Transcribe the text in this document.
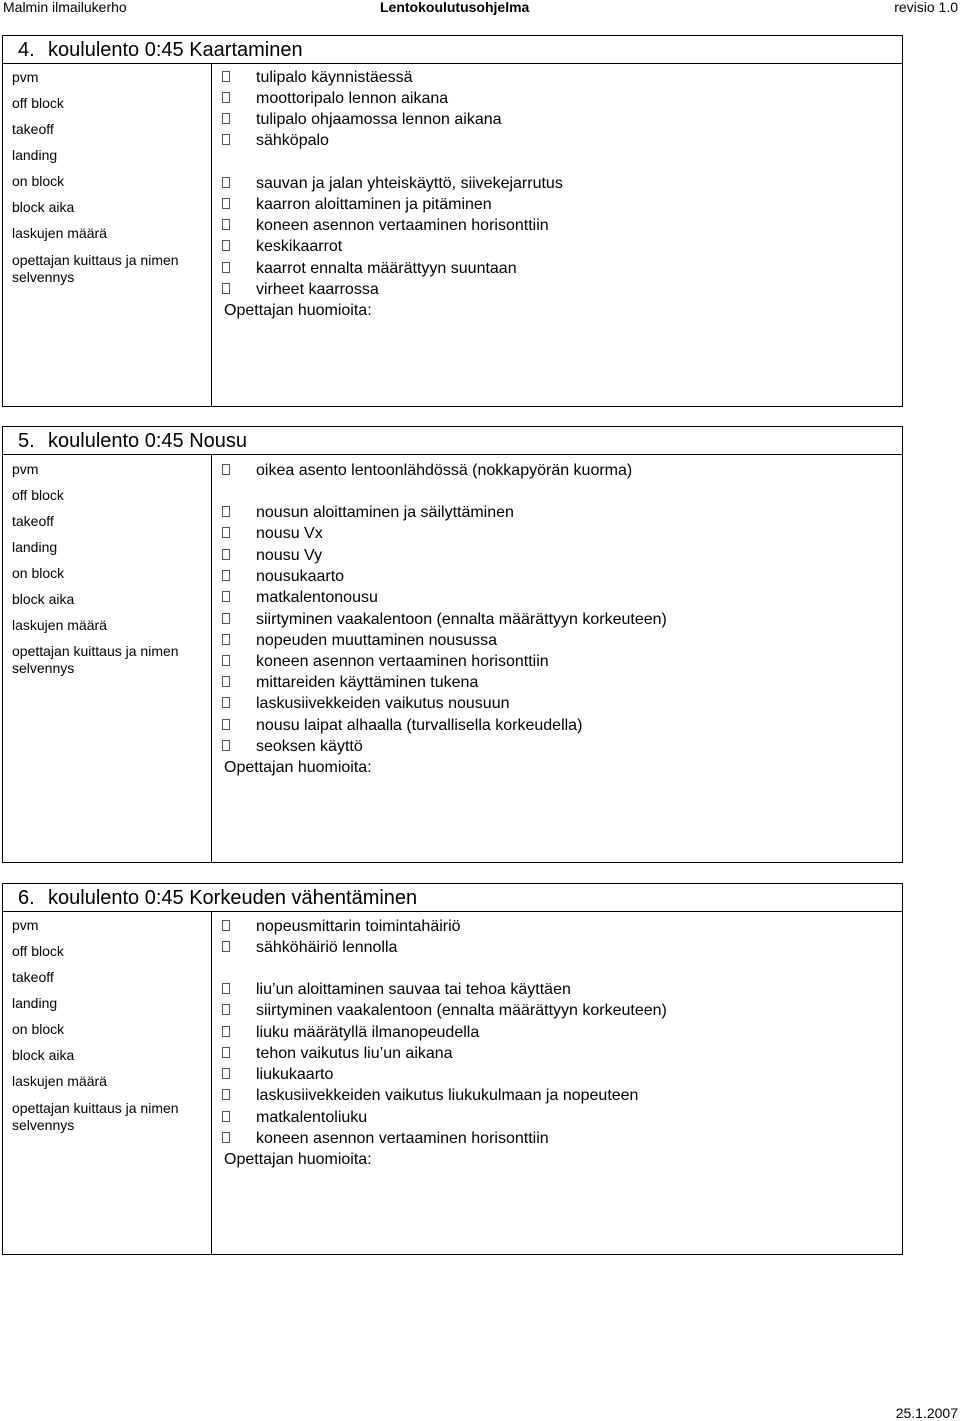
Malmin ilmailukerho	Lentokoulutusohjelma	revisio 1.0
4. koululento 0:45 Kaartaminen
pvm
off block
takeoff
landing
on block
block aika
laskujen määrä
opettajan kuittaus ja nimen
selvennys
tulipalo käynnistäessä
moottoripalo lennon aikana
tulipalo ohjaamossa lennon aikana
sähköpalo
sauvan ja jalan yhteiskäyttö, siivekejarrutus
kaarron aloittaminen ja pitäminen
koneen asennon vertaaminen horisonttiin
keskikaarrot
kaarrot ennalta määrättyyn suuntaan
virheet kaarrossa
Opettajan huomioita:
5. koululento 0:45 Nousu
pvm
off block
takeoff
landing
on block
block aika
laskujen määrä
opettajan kuittaus ja nimen
selvennys
oikea asento lentoonlähdössä (nokkapyörän kuorma)
nousun aloittaminen ja säilyttäminen
nousu Vx
nousu Vy
nousukaarto
matkalentonousu
siirtyminen vaakalentoon (ennalta määrättyyn korkeuteen)
nopeuden muuttaminen nousussa
koneen asennon vertaaminen horisonttiin
mittareiden käyttäminen tukena
laskusiivekkeiden vaikutus nousuun
nousu laipat alhaalla (turvallisella korkeudella)
seoksen käyttö
Opettajan huomioita:
6. koululento 0:45 Korkeuden vähentäminen
pvm
off block
takeoff
landing
on block
block aika
laskujen määrä
opettajan kuittaus ja nimen
selvennys
nopeusmittarin toimintahäiriö
sähköhäiriö lennolla
liu’un aloittaminen sauvaa tai tehoa käyttäen
siirtyminen vaakalentoon (ennalta määrättyyn korkeuteen)
liuku määrätyllä ilmanopeudella
tehon vaikutus liu’un aikana
liukukaarto
laskusiivekkeiden vaikutus liukukulmaan ja nopeuteen
matkalentoliuku
koneen asennon vertaaminen horisonttiin
Opettajan huomioita:
25.1.2007
